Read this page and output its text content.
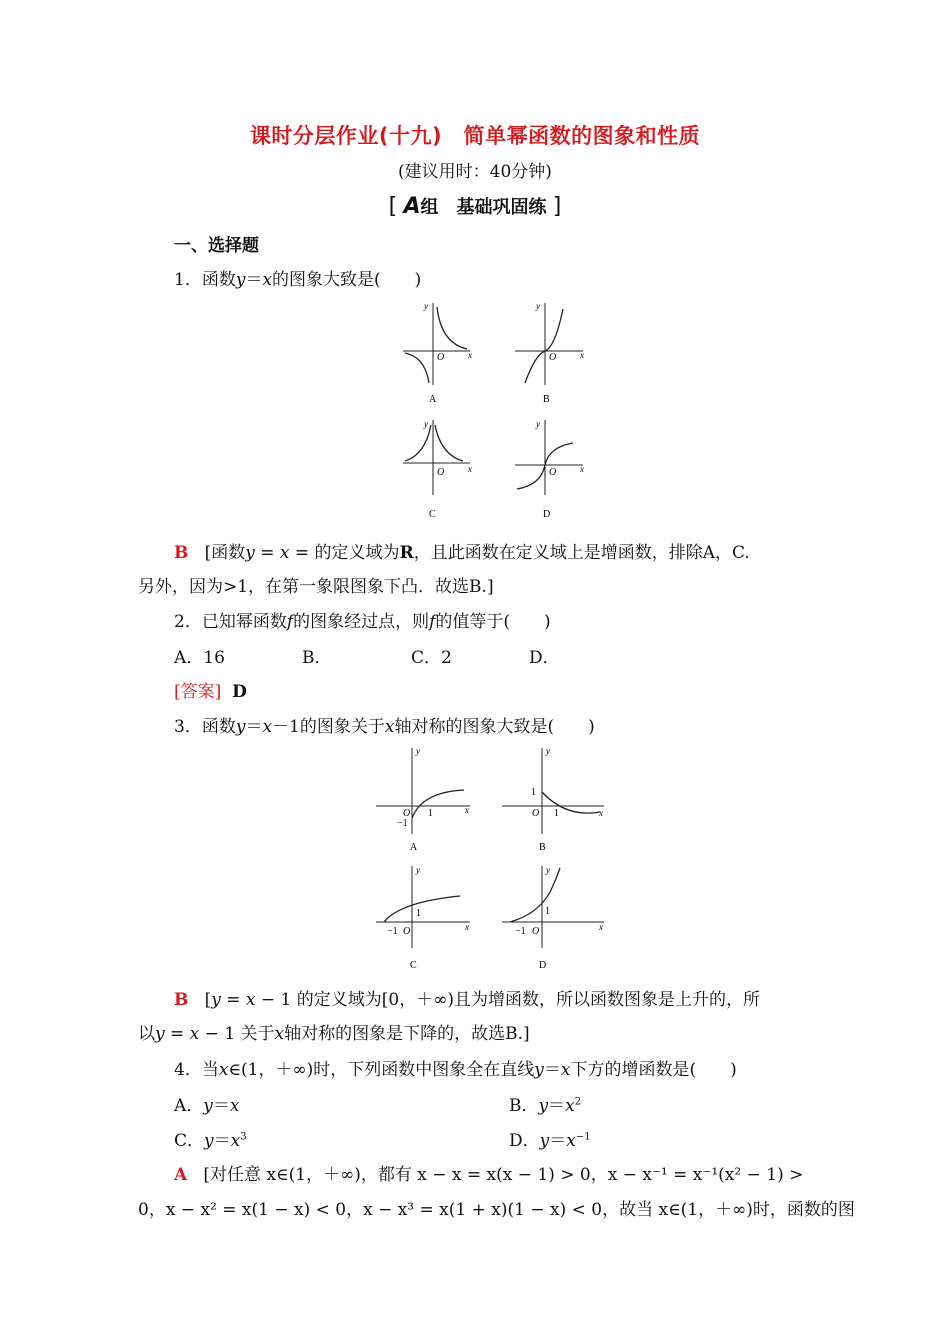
课时分层作业(十九)　简单幂函数的图象和性质
(建议用时：40分钟)
[ A组　基础巩固练 ]
一、选择题
1．函数y＝x的图象大致是(　　)
y
x
O
A
y
x
O
B
y
x
O
C
y
x
O
D
B [函数y = x = 的定义域为R，且此函数在定义域上是增函数，排除A，C.
另外，因为>1，在第一象限图象下凸．故选B.]
2．已知幂函数f的图象经过点，则f的值等于(　　)
A．16	B．	C．2	D．
[答案] D
3．函数y＝x－1的图象关于x轴对称的图象大致是(　　)
y
x
O 1
−1
A
y
x
1
O 1
B
y
x
1
−1 O
C
y
x
1
−1 O
D
B [y = x − 1 的定义域为[0，＋∞)且为增函数，所以函数图象是上升的，所
以y = x − 1 关于x轴对称的图象是下降的，故选B.]
4．当x∈(1，＋∞)时，下列函数中图象全在直线y＝x下方的增函数是(　　)
A．y＝x	B．$y=x^2$
C．$y=x^3$	D．$y=x^{-1}$
A [对任意 x∈(1，＋∞)，都有 x − x = x(x − 1) > 0，x − x⁻¹ = x⁻¹(x² − 1) >
0，x − x² = x(1 − x) < 0，x − x³ = x(1 + x)(1 − x) < 0，故当 x∈(1，＋∞)时，函数的图
